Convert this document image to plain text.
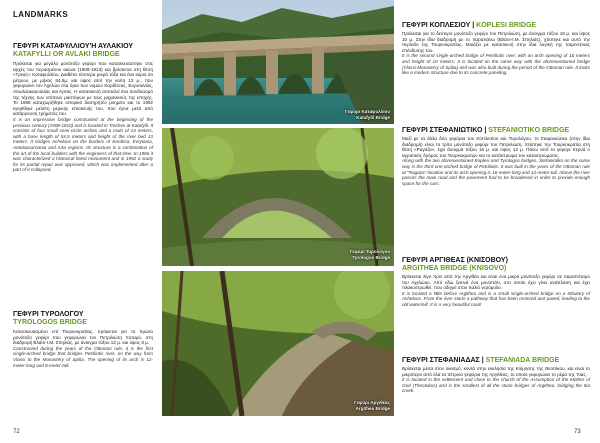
LANDMARKS
ΓΕΦΥΡΙ ΚΑΤΑΦΥΛΛΙΟΥ'Η ΑΥΛΑΚΙΟΥ
KATAFYLLI OR AVLAKI BRIDGE
Πρόκειται για μεγάλο μονότοξο γεφύρι που κατασκευάστηκε στις αρχές του περασμένου αιώνα (1908-1913) και βρίσκεται στη θέση «Τρειές» Καταφυλλίου. Διαθέτει τέσσερα μικρά τόξα και ένα κύριο 24 μέτρων, με μήκος 54,5μ. και ύψος από την κοίτη 13 μ., που γεφυρώνει τον Αχελώο στα όρια των νομών Καρδίτσας, Ευρυτανίας, Αιτωλοακαρνανίας και Άρτας. Η κατασκευή αποτελεί ένα συνδυασμό της τέχνης των ντόπιων μαστόρων με τους μηχανικούς της εποχής. Το 1986 καταχωρήθηκε ιστορικό διατηρητέο μνημείο και το 1992 εγκρίθηκε μελέτη μερικής επισκευής του, που έγινε μετά από κατάρρευση τμήματός του.
It is an impressive bridge constructed at the beginning of the previous century (1908-1910) and is located in Treches at Katafylli. It consists of four small semi-circle arches and a main of 24 meters, with a base length of 54,5 meters and height of the river bed 13 meters. It bridges Acheloos on the borders of Karditsa, Evrytania, Aetoloacarnania and Arta regions. Its structure is a combination of the art of the local builders with the engineers of that time. In 1986 it was characterized a historical listed monument and in 1992 a study for its partial repair was approved, which was implemented after a part of it collapsed.
ΓΕΦΥΡΙ ΤΥΡΟΛΟΓΟΥ
TYROLOGOS BRIDGE
Κατασκευασμένο επί Τουρκοκρατίας, πρόκειται για το πρώτο μονότοξο γεφύρι που γεφυρώνει τον Πετριλιώτη ποταμό, στη διαδρομή Βλάσι-Ι.Μ. Σπηλιάς, με άνοιγμα τόξου 12 μ. και ύψος 8 μ.
Constructed during the years of the Ottoman rule, it is the first single-arched bridge that bridges Petriliotis river, on the way from Vlassi to the Monastery of Spilia. The opening of its arch is 12-meter-long and 8-meter-tall.
72
Γεφύρι Καταφυλλίου
Katafylli Bridge
Γεφύρι Τυρολόγου
Tyrologos Bridge
Γεφύρι Αργιθέας
Argithea Bridge
ΓΕΦΥΡΙ ΚΟΠΛΕΣΙΟΥ | KOPLESI BRIDGE
Πρόκειται για το δεύτερο μονότοξο γεφύρι του Πετριλιώτη, με άνοιγμα τόξου 16 μ. και ύψος 10 μ. Στην ίδια διαδρομή με το παραπάνω (Βλάσι-Ι.Μ. Σπηλιάς), χτίστηκε και αυτό την περίοδο της Τουρκοκρατίας. Μοιάζει με κατασκευή στην ίδια λογική της τσιμεντένιας επένδυσης του.
It is the second single-arched bridge of Petriliotis river, with an arch opening of 16 meters and height of 10 meters. It is located on the same way with the aforementioned bridge (Vlassi-Monastery of Spilia) and was also built during the period of the Ottoman rule. It looks like a modern structure due to its concrete paneling.
ΓΕΦΥΡΙ ΣΤΕΦΑΝΙΩΤΙΚΟ | STEFANIOTIKO BRIDGE
Μαζί με τα άλλα δύο γεφύρια του Κοπλεσίου και Τυρολόγου, το Στεφανιώτικο (στην ίδια διαδρομή) είναι το τρίτο μονότοξο γεφύρι του Πετριλιώτη. Χτίστηκε την Τουρκοκρατία στη θέση «Ραγάζα», έχει άνοιγμα τόξου 16 μ. και ύψος 12 μ. Πάνω από το γεφύρι περνά ο αγροτικός δρόμος του Τουρκοκρατών και το κατάστρωμα του καταστρώματος.
Along with the two aforementioned Koplesi and Tyrologos bridges, Stefaniotiko on the same way is the third one-arched bridge of Petriliotis. It was built in the years of the Ottoman rule at "Ragaza" location and its arch opening is 16-meter-long and 12-meter-tall. Above the river passes the main road and the pavement had to be broadened in order to provide enough space for the cars.
ΓΕΦΥΡΙ ΑΡΓΙΘΕΑΣ (ΚΝΙΣΟΒΟΥ)
ARGITHEA BRIDGE (KNISOVO)
Βρίσκεται λίγο πριν από την Αργιθέα και είναι ένα μικρό μονότοξο γεφύρι σε παραπόταμο του Αχελώου. Από εδώ ξεκινά ένα μονοπάτι, στο οποίο έχει γίνει ανάπλαση και έχει πλακοστρωθεί, που οδηγεί στον παλιό νερόμυλο.
It is located a little before Argithea and is a small single-arched bridge on a tributary of Acheloos. From the river starts a pathway that has been restored and paved, leading to the old watermill. It is a very beautiful road!
ΓΕΦΥΡΙ ΣΤΕΦΑΝΙΑΔΑΣ | STEFANIADA BRIDGE
Βρίσκεται μέσα στον οικισμό, κοντά στην εκκλησία της Κοίμησης της Θεοτόκου, και είναι το μικρότερο από όλα τα πέτρινα γεφύρια της Αργιθέας, το οποίο γεφυρώνει το ρέμα της Ίτιας.
It is located in the settlement and close to the church of the Assumption of the Mother of God (Theotokos) and is the smallest of all the stone bridges of Argithea, bridging the Itia creek.
73
